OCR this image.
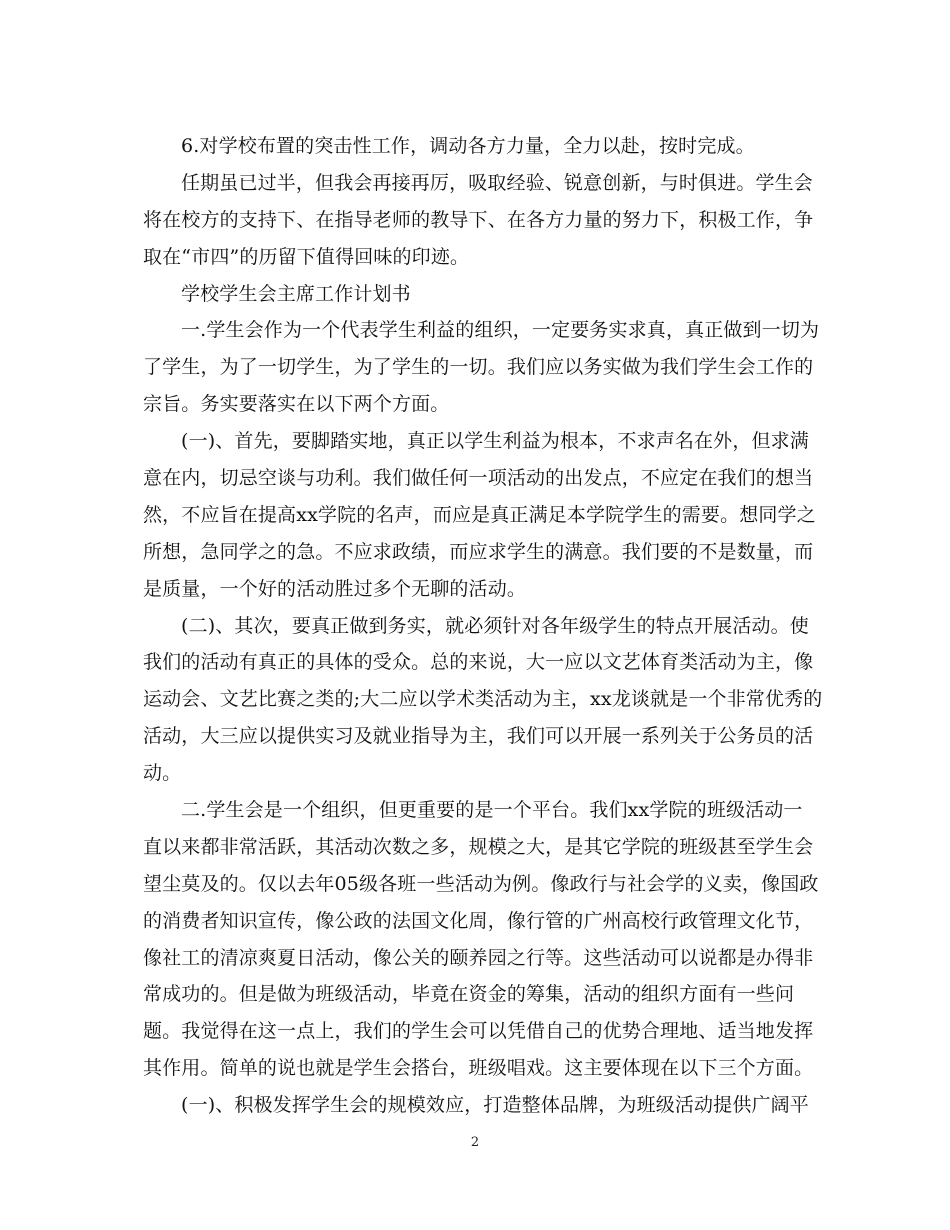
6.对学校布置的突击性工作，调动各方力量，全力以赴，按时完成。
任期虽已过半，但我会再接再厉，吸取经验、锐意创新，与时俱进。学生会
将在校方的支持下、在指导老师的教导下、在各方力量的努力下，积极工作，争
取在“市四”的历留下值得回味的印迹。
学校学生会主席工作计划书
一.学生会作为一个代表学生利益的组织，一定要务实求真，真正做到一切为
了学生，为了一切学生，为了学生的一切。我们应以务实做为我们学生会工作的
宗旨。务实要落实在以下两个方面。
(一)、首先，要脚踏实地，真正以学生利益为根本，不求声名在外，但求满
意在内，切忌空谈与功利。我们做任何一项活动的出发点，不应定在我们的想当
然，不应旨在提高xx学院的名声，而应是真正满足本学院学生的需要。想同学之
所想，急同学之的急。不应求政绩，而应求学生的满意。我们要的不是数量，而
是质量，一个好的活动胜过多个无聊的活动。
(二)、其次，要真正做到务实，就必须针对各年级学生的特点开展活动。使
我们的活动有真正的具体的受众。总的来说，大一应以文艺体育类活动为主，像
运动会、文艺比赛之类的;大二应以学术类活动为主，xx龙谈就是一个非常优秀的
活动，大三应以提供实习及就业指导为主，我们可以开展一系列关于公务员的活
动。
二.学生会是一个组织，但更重要的是一个平台。我们xx学院的班级活动一
直以来都非常活跃，其活动次数之多，规模之大，是其它学院的班级甚至学生会
望尘莫及的。仅以去年05级各班一些活动为例。像政行与社会学的义卖，像国政
的消费者知识宣传，像公政的法国文化周，像行管的广州高校行政管理文化节，
像社工的清凉爽夏日活动，像公关的颐养园之行等。这些活动可以说都是办得非
常成功的。但是做为班级活动，毕竟在资金的筹集，活动的组织方面有一些问
题。我觉得在这一点上，我们的学生会可以凭借自己的优势合理地、适当地发挥
其作用。简单的说也就是学生会搭台，班级唱戏。这主要体现在以下三个方面。
(一)、积极发挥学生会的规模效应，打造整体品牌，为班级活动提供广阔平
2
